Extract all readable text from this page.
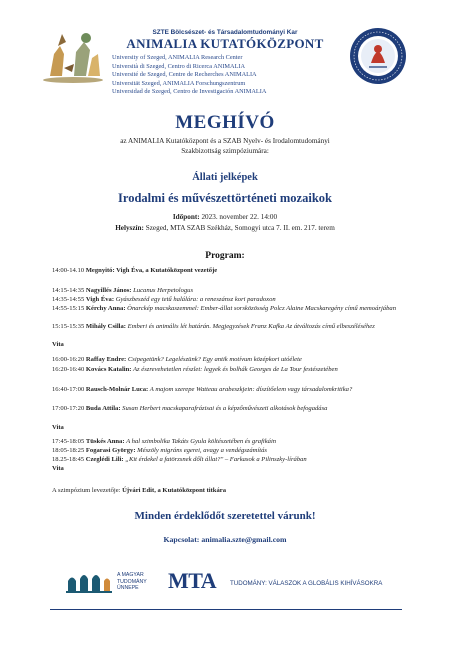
SZTE Bölcsészet- és Társadalomtudományi Kar
ANIMALIA KUTATÓKÖZPONT
University of Szeged, ANIMALIA Research Center
Università di Szeged, Centro di Ricerca ANIMALIA
Université de Szeged, Centre de Recherches ANIMALIA
Universität Szeged, ANIMALIA Forschungszentrum
Universidad de Szeged, Centro de Investigación ANIMALIA
MEGHÍVÓ
az ANIMALIA Kutatóközpont és a SZAB Nyelv- és Irodalomtudományi
Szakbizottság szimpóziumára:
Állati jelképek
Irodalmi és művészettörténeti mozaikok
Időpont: 2023. november 22. 14:00
Helyszín: Szeged, MTA SZAB Székház, Somogyi utca 7. II. em. 217. terem
Program:
14:00-14.10 Megnyitó: Vigh Éva, a Kutatóközpont vezetője
14:15-14:35 Nagyillés János: Lucanus Herpetologus
14:35-14:55 Vigh Éva: Gyászbeszéd egy tetű halálára: a reneszánsz kori paradoxon
14:55-15:15 Kérchy Anna: Önarckép macskaszemmel: Ember-állat sorsközösség Polcz Alaine Macskaregény című memoárjában
15:15-15:35 Mihály Csilla: Emberi és animális lét határán. Megjegyzések Franz Kafka Az átváltozás című elbeszéléséhez
Vita
16:00-16:20 Raffay Endre: Csipegetünk? Legelészünk? Egy antik motívum középkori utóélete
16:20-16:40 Kovács Katalin: Az észrevehetetlen részlet: legyek és bolhák Georges de La Tour festészetében
16:40-17:00 Rausch-Molnár Luca: A majom szerepe Watteau arabeszkjein: díszítőelem vagy társadalomkritika?
17:00-17:20 Buda Attila: Susan Herbert macskaparafrázisai és a képzőművészeti alkotások befogadása
Vita
17:45-18:05 Tüskés Anna: A hal szimbolika Takáts Gyula költészetében és grafikáin
18:05-18:25 Fogarasi György: Mészöly migráns egerei, avagy a vendégszámítás
18.25-18:45 Czeglédi Lili: „Kit érdekel a fatörzsnek dőlt állat?" – Farkasok a Pilinszky-lírában
Vita
A szimpózium levezetője: Újvári Edit, a Kutatóközpont titkára
Minden érdeklődőt szeretettel várunk!
Kapcsolat: animalia.szte@gmail.com
A MAGYAR
TUDOMÁNY
ÜNNEPE	MTA TUDOMÁNY: VÁLASZOK A GLOBÁLIS KIHÍVÁSOKRA
